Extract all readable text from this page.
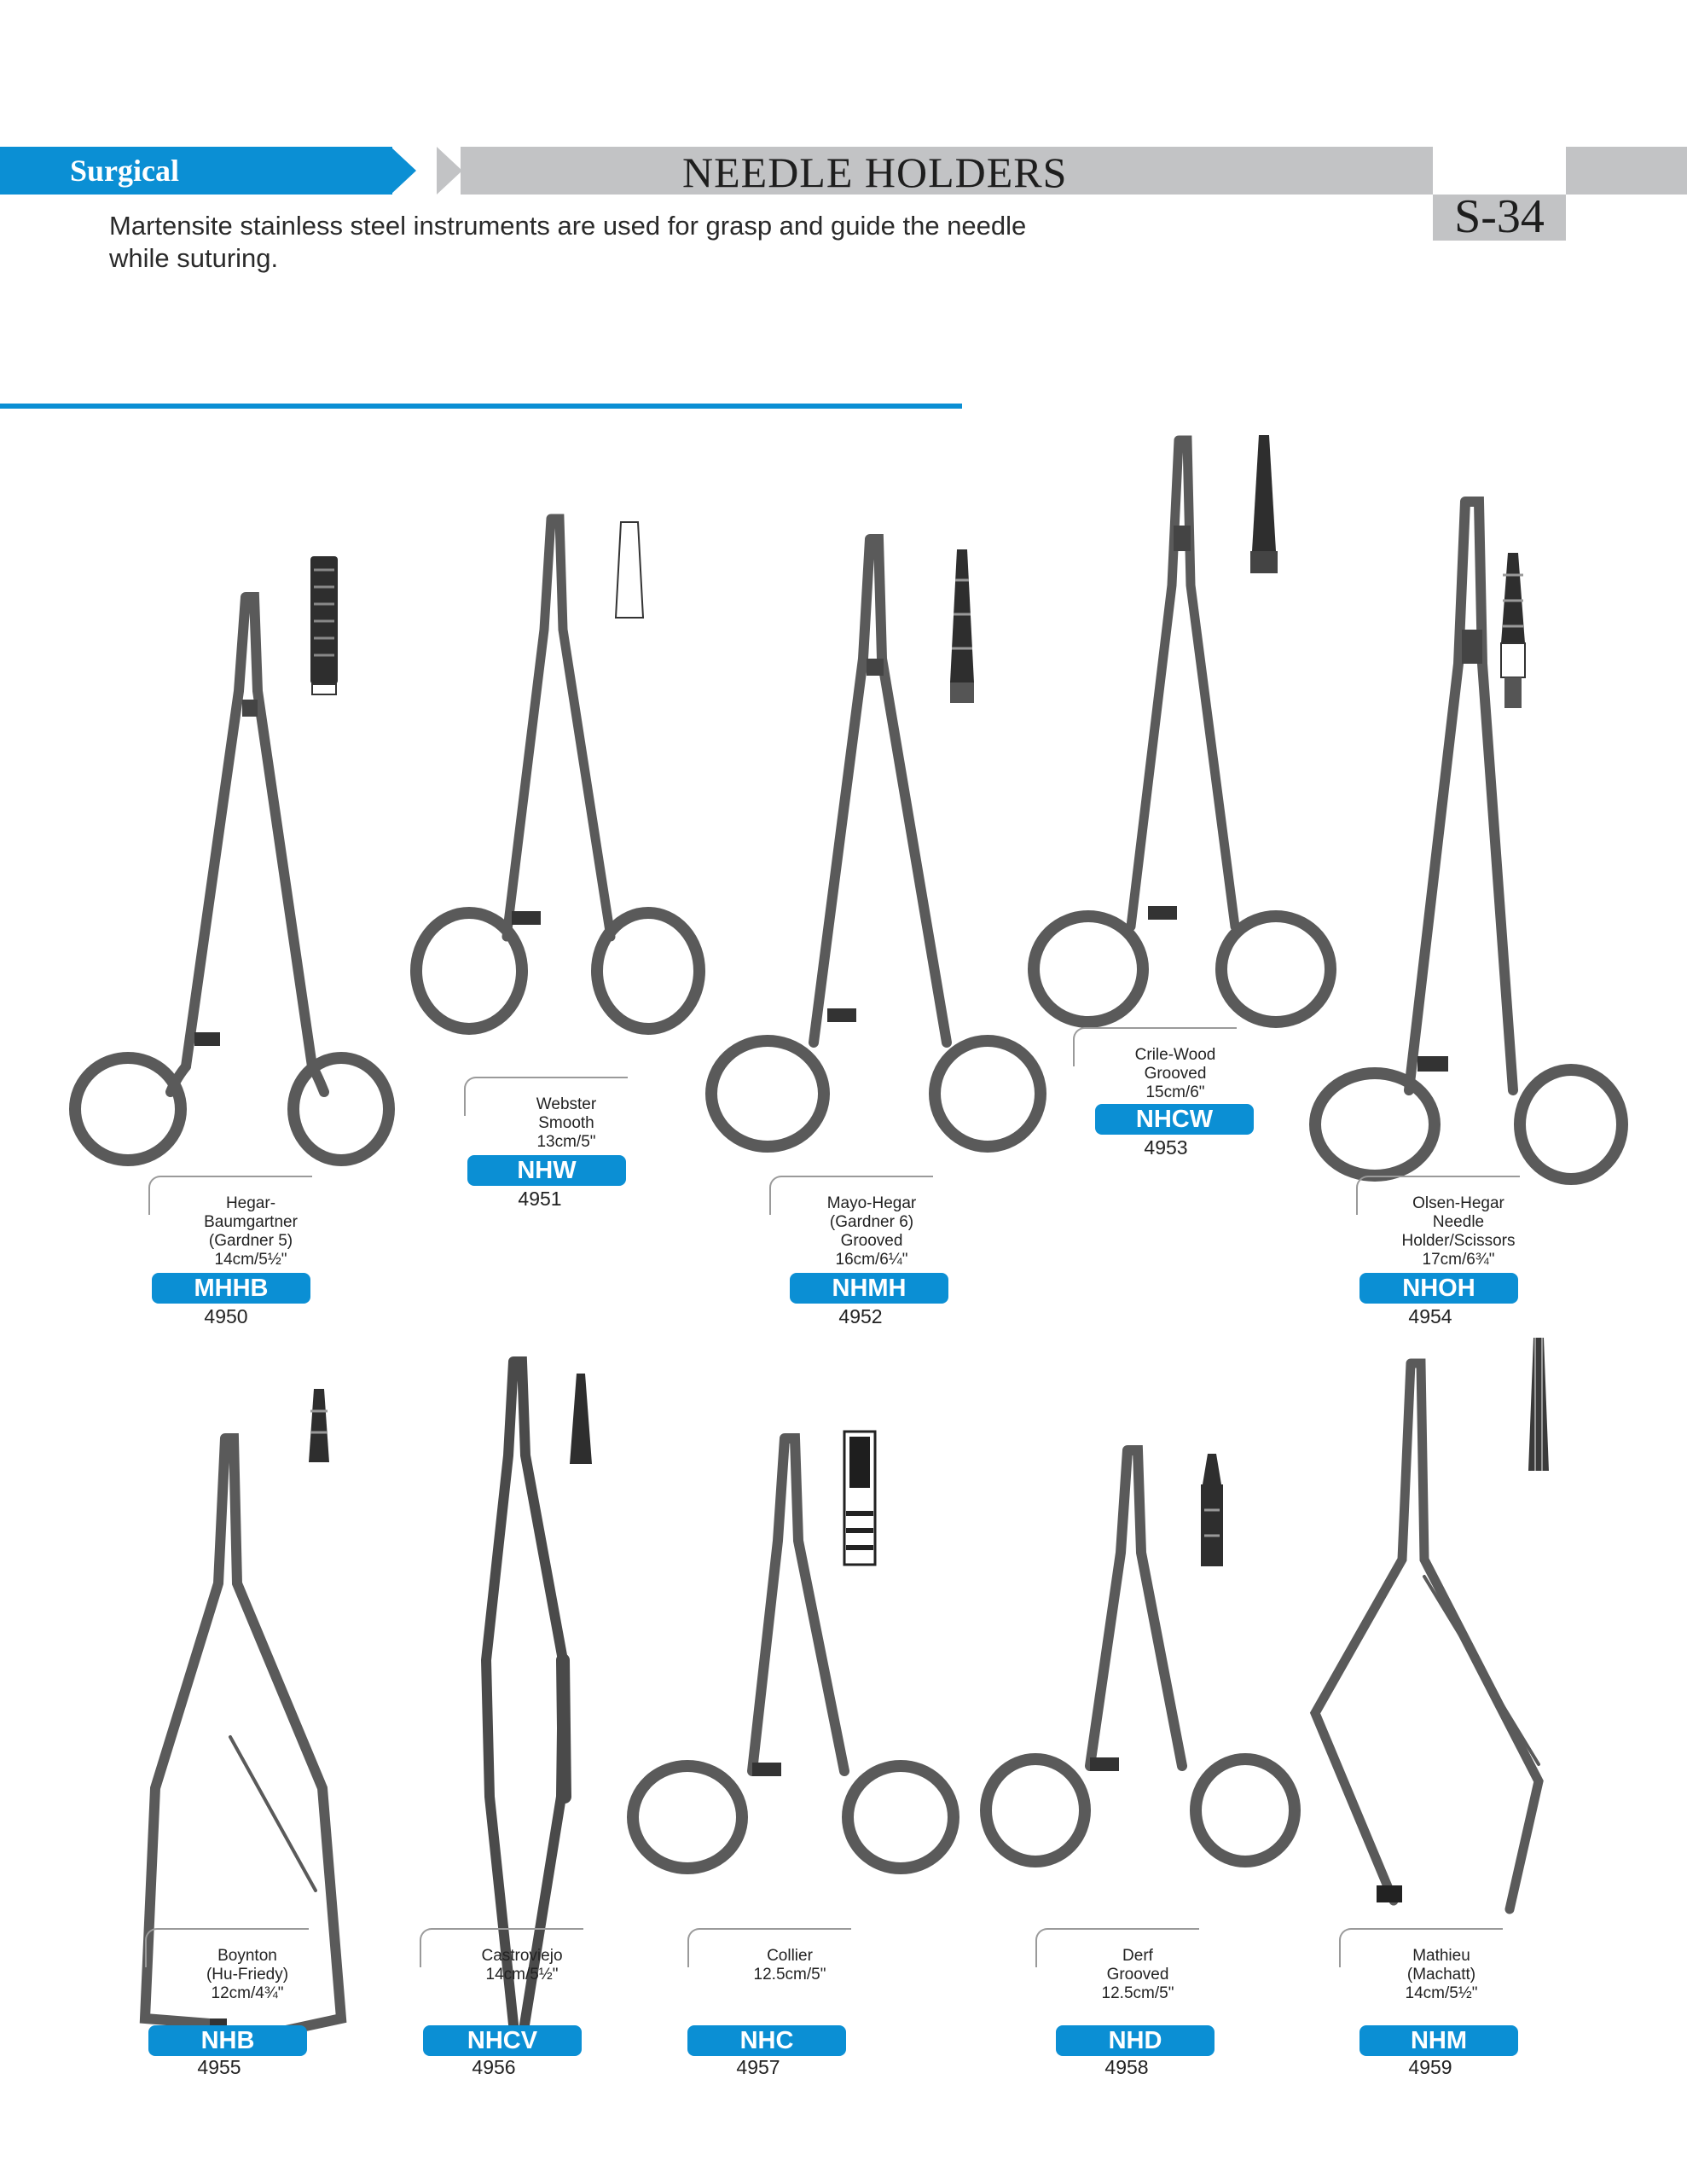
Surgical	NEEDLE HOLDERS
S-34
Martensite stainless steel instruments are used for grasp and guide the needle while suturing.
Hegar-
Baumgartner
(Gardner 5)
14cm/5½"
MHHB
4950
Webster
Smooth
13cm/5"
NHW
4951	Mayo-Hegar
(Gardner 6)
Grooved
16cm/6¼"
NHMH
4952
Crile-Wood
Grooved
15cm/6"
NHCW
4953
Olsen-Hegar
Needle
Holder/Scissors
17cm/6¾"
NHOH
4954
Boynton
(Hu-Friedy)
12cm/4¾"
NHB
4955
Castroviejo
14cm/5½"
NHCV
4956
Collier
12.5cm/5"
NHC
4957
Derf
Grooved
12.5cm/5"
NHD
4958
Mathieu
(Machatt)
14cm/5½"
NHM
4959
